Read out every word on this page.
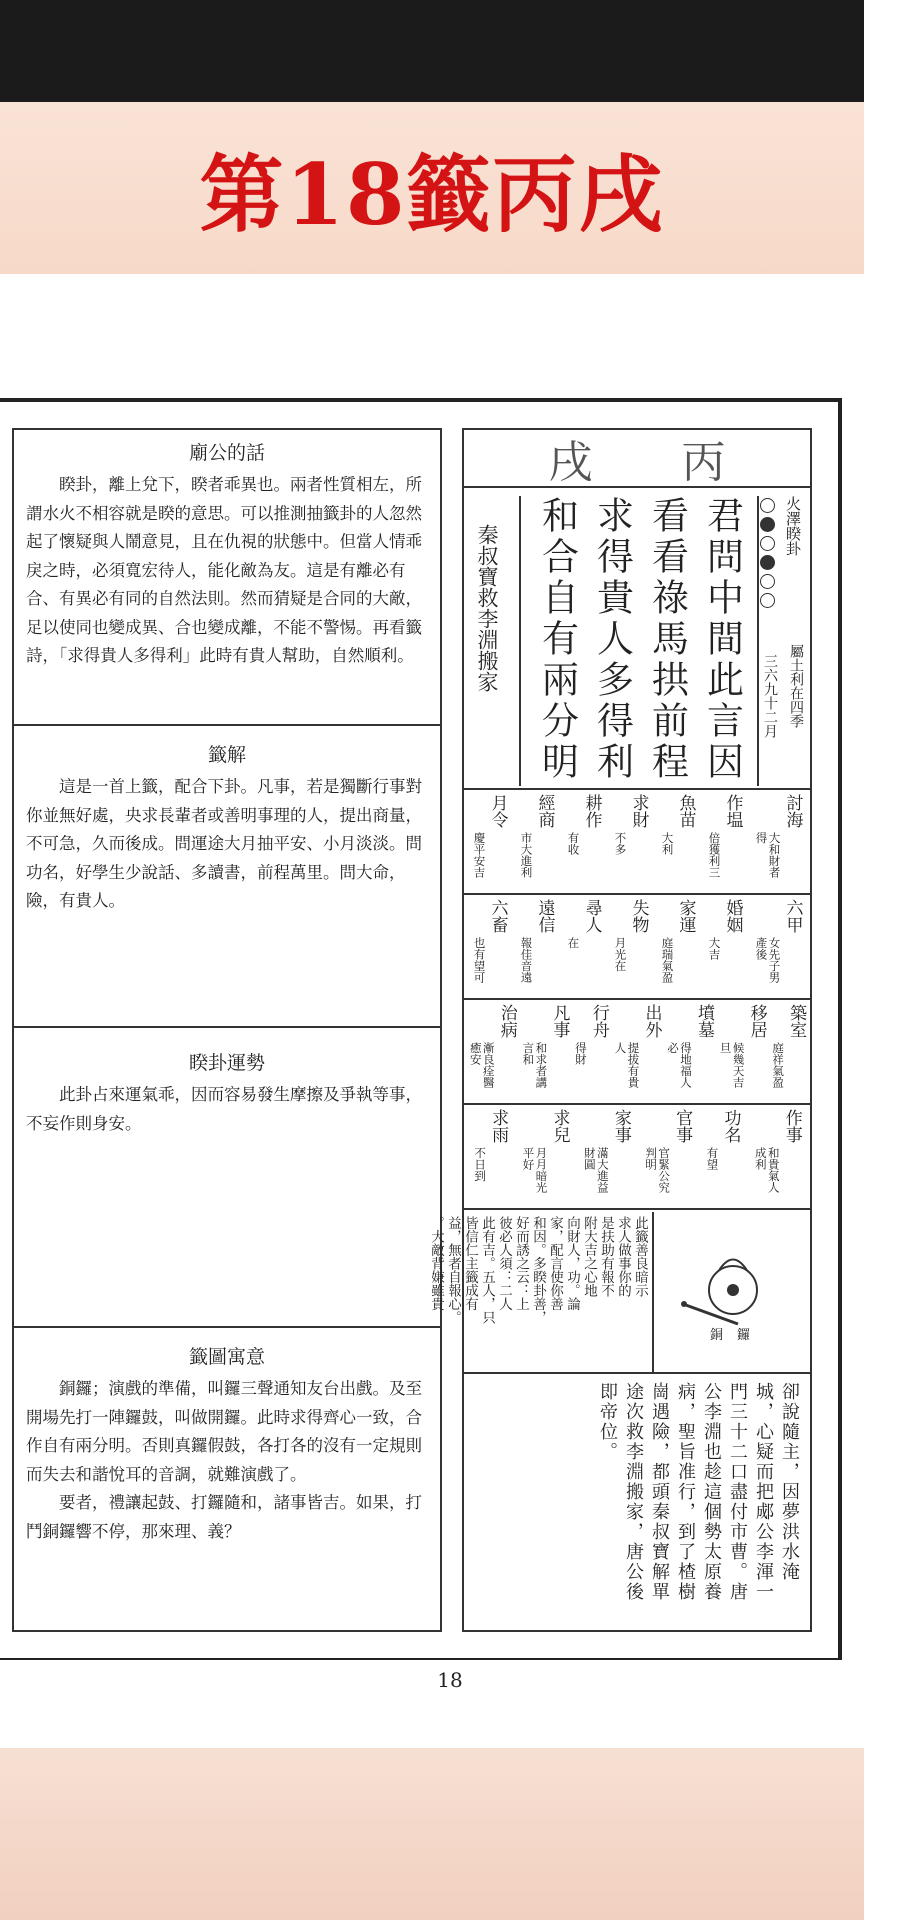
第18籤丙戌
廟公的話

睽卦，離上兌下，睽者乖異也。兩者性質相左，所謂水火不相容就是睽的意思。可以推測抽籤卦的人忽然起了懷疑與人鬧意見，且在仇視的狀態中。但當人情乖戾之時，必須寬宏待人，能化敵為友。這是有離必有合、有異必有同的自然法則。然而猜疑是合同的大敵，足以使同也變成異、合也變成離，不能不警惕。再看籤詩，「求得貴人多得利」此時有貴人幫助，自然順利。

籤解

這是一首上籤，配合下卦。凡事，若是獨斷行事對你並無好處，央求長輩者或善明事理的人，提出商量，不可急，久而後成。問運途大月抽平安、小月淡淡。問功名，好學生少說話、多讀書，前程萬里。問大命，險，有貴人。

睽卦運勢

此卦占來運氣乖，因而容易發生摩擦及爭執等事，不妄作則身安。

籤圖寓意

銅鑼；演戲的準備，叫鑼三聲通知友台出戲。及至開場先打一陣鑼鼓，叫做開鑼。此時求得齊心一致，合作自有兩分明。否則真鑼假鼓，各打各的沒有一定規則而失去和諧悅耳的音調，就難演戲了。

要者，禮讓起鼓、打鑼隨和，諸事皆吉。如果，打鬥銅鑼響不停，那來理、義？

戌 丙
火澤睽卦
屬土利在四季
三六九十二月
君問中間此言因
看看祿馬拱前程
求得貴人多得利
和合自有兩分明
秦叔寶救李淵搬家
討海
大和財者得
作塭
倍獲利三
魚苗
大利
求財
不多
耕作
有收
經商
市大進利
月令
慶平安吉
六甲
女先子男產後
婚姻
大吉
家運
庭瑞氣盈
失物
月光在
尋人
在
遠信
報佳音遠
六畜
也有望可
築室
庭祥氣盈
移居
候幾天吉旦
墳墓
得地福人必
出外
提拔有貴人
行舟
得財
凡事
和求者講言和
治病
漸良痊醫癒安
作事
和貴氣人成利
功名
有望
官事
官緊公究判明
家事
滿大進益財圓
求兒
月月暗光平好
求雨
不日到
此籤善良暗示
求人做事你的
是扶助有報不
附大吉之心地
向財人，功。論
家，配言使你善
和因。多睽卦善，
好而誘之云：上
彼必人須：二人
此有吉。五人，只
皆信仁主籤成有
益，無者自報心。
。大敵背嫌雖貴
銅鑼
卻說隨主，因夢洪水淹
城，心疑而把郕公李渾一
門三十二口盡付市曹。唐
公李淵也趁這個勢太原養
病，聖旨准行，到了楂樹
崗遇險，都頭秦叔寶解單
途次救李淵搬家，唐公後
即帝位。
18
